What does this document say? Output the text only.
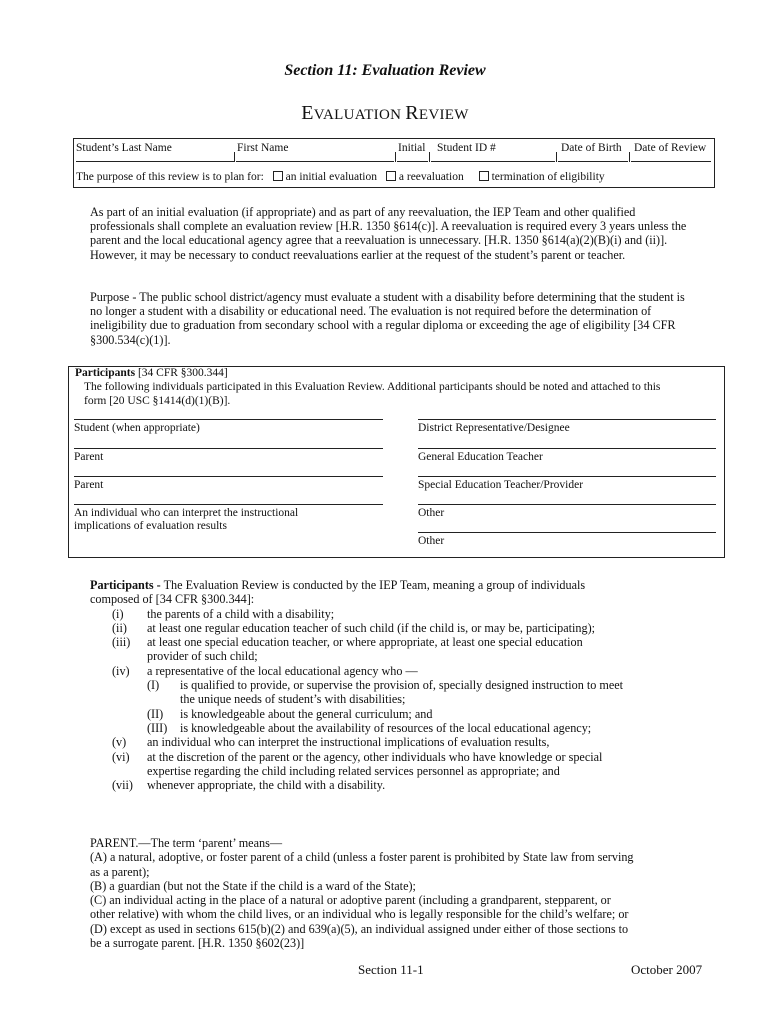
Section 11: Evaluation Review
EVALUATION REVIEW
Student’s Last Name	First Name	Initial Student ID #	Date of Birth Date of Review
The purpose of this review is to plan for: an initial evaluation a reevaluation termination of eligibility
As part of an initial evaluation (if appropriate) and as part of any reevaluation, the IEP Team and other qualified professionals shall complete an evaluation review [H.R. 1350 §614(c)]. A reevaluation is required every 3 years unless the parent and the local educational agency agree that a reevaluation is unnecessary. [H.R. 1350 §614(a)(2)(B)(i) and (ii)]. However, it may be necessary to conduct reevaluations earlier at the request of the student’s parent or teacher.
Purpose - The public school district/agency must evaluate a student with a disability before determining that the student is no longer a student with a disability or educational need. The evaluation is not required before the determination of ineligibility due to graduation from secondary school with a regular diploma or exceeding the age of eligibility [34 CFR §300.534(c)(1)].
Participants [34 CFR §300.344]
The following individuals participated in this Evaluation Review. Additional participants should be noted and attached to this
form [20 USC §1414(d)(1)(B)].
Student (when appropriate)
Parent
Parent
An individual who can interpret the instructional
implications of evaluation results
District Representative/Designee
General Education Teacher
Special Education Teacher/Provider
Other
Other
Participants - The Evaluation Review is conducted by the IEP Team, meaning a group of individuals
composed of [34 CFR §300.344]:
(i)	the parents of a child with a disability;
(ii)	at least one regular education teacher of such child (if the child is, or may be, participating);
(iii)	at least one special education teacher, or where appropriate, at least one special education
provider of such child;
(iv)	a representative of the local educational agency who —
(I)	is qualified to provide, or supervise the provision of, specially designed instruction to meet
the unique needs of student’s with disabilities;
(II)	is knowledgeable about the general curriculum; and
(III)	is knowledgeable about the availability of resources of the local educational agency;
(v)	an individual who can interpret the instructional implications of evaluation results,
(vi)	at the discretion of the parent or the agency, other individuals who have knowledge or special
expertise regarding the child including related services personnel as appropriate; and
(vii)	whenever appropriate, the child with a disability.
PARENT.—The term ‘parent’ means—
(A) a natural, adoptive, or foster parent of a child (unless a foster parent is prohibited by State law from serving
as a parent);
(B) a guardian (but not the State if the child is a ward of the State);
(C) an individual acting in the place of a natural or adoptive parent (including a grandparent, stepparent, or
other relative) with whom the child lives, or an individual who is legally responsible for the child’s welfare; or
(D) except as used in sections 615(b)(2) and 639(a)(5), an individual assigned under either of those sections to
be a surrogate parent. [H.R. 1350 §602(23)]
Section 11-1	October 2007
